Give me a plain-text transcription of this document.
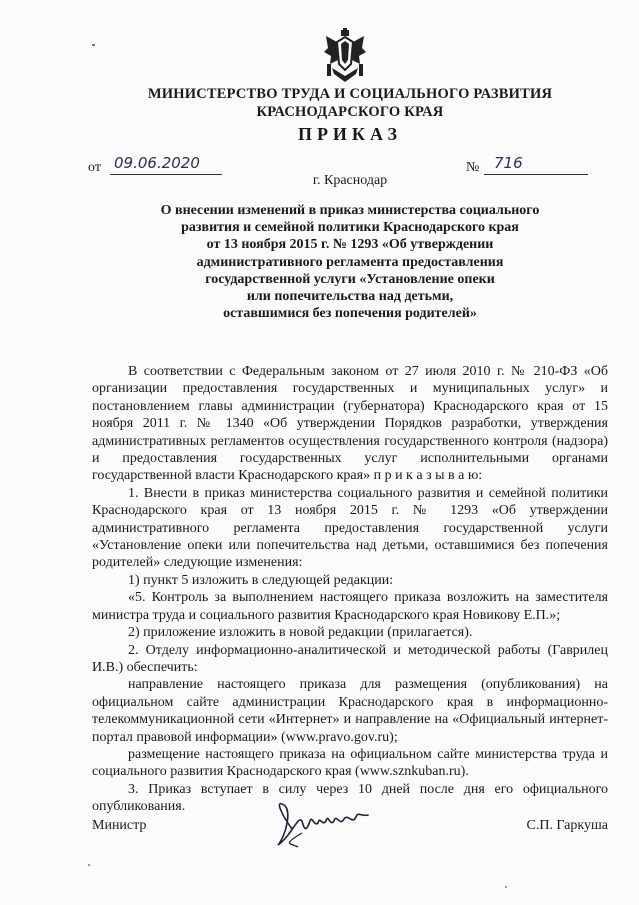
МИНИСТЕРСТВО ТРУДА И СОЦИАЛЬНОГО РАЗВИТИЯ
КРАСНОДАРСКОГО КРАЯ
ПРИКАЗ
от 09.06.2020	№ 716
г. Краснодар
О внесении изменений в приказ министерства социального
развития и семейной политики Краснодарского края
от 13 ноября 2015 г. № 1293 «Об утверждении
административного регламента предоставления
государственной услуги «Установление опеки
или попечительства над детьми,
оставшимися без попечения родителей»

В соответствии с Федеральным законом от 27 июля 2010 г. № 210-ФЗ «Об организации предоставления государственных и муниципальных услуг» и постановлением главы администрации (губернатора) Краснодарского края от 15 ноября 2011 г. № 1340 «Об утверждении Порядков разработки, утверждения административных регламентов осуществления государственного контроля (надзора) и предоставления государственных услуг исполнительными органами государственной власти Краснодарского края» п р и к а з ы в а ю:

1. Внести в приказ министерства социального развития и семейной политики Краснодарского края от 13 ноября 2015 г. № 1293 «Об утверждении административного регламента предоставления государственной услуги «Установление опеки или попечительства над детьми, оставшимися без попечения родителей» следующие изменения:

1) пункт 5 изложить в следующей редакции:

«5. Контроль за выполнением настоящего приказа возложить на заместителя министра труда и социального развития Краснодарского края Новикову Е.П.»;

2) приложение изложить в новой редакции (прилагается).

2. Отделу информационно-аналитической и методической работы (Гаврилец И.В.) обеспечить:

направление настоящего приказа для размещения (опубликования) на официальном сайте администрации Краснодарского края в информационно-телекоммуникационной сети «Интернет» и направление на «Официальный интернет-портал правовой информации» (www.pravo.gov.ru);

размещение настоящего приказа на официальном сайте министерства труда и социального развития Краснодарского края (www.sznkuban.ru).

3. Приказ вступает в силу через 10 дней после дня его официального опубликования.

Министр	С.П. Гаркуша
